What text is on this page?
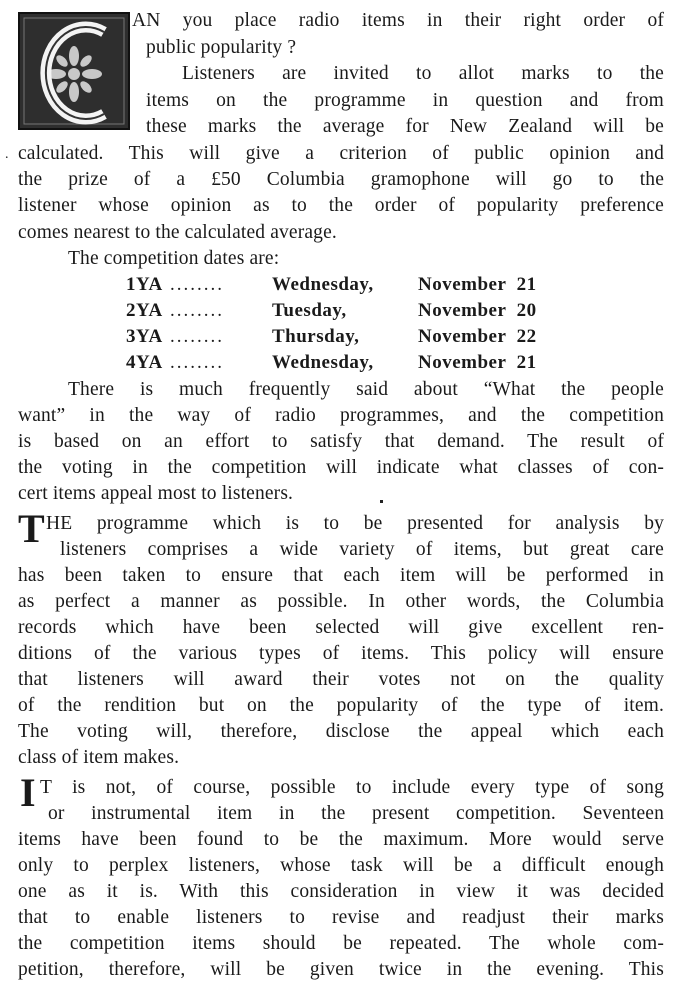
AN you place radio items in their right order of
public popularity ?
Listeners are invited to allot marks to the
items on the programme in question and from
these marks the average for New Zealand will be
. calculated. This will give a criterion of public opinion and
the prize of a £50 Columbia gramophone will go to the
listener whose opinion as to the order of popularity preference
comes nearest to the calculated average.
The competition dates are:
1YA ........	Wednesday, November  21
2YA ........	Tuesday,	November  20
3YA ........	Thursday,	November  22
4YA ........	Wednesday, November  21
There is much frequently said about “What the people
want” in the way of radio programmes, and the competition
is based on an effort to satisfy that demand. The result of
the voting in the competition will indicate what classes of con-
cert items appeal most to listeners.
T HE programme which is to be presented for analysis by
listeners comprises a wide variety of items, but great care
has been taken to ensure that each item will be performed in
as perfect a manner as possible. In other words, the Columbia
records which have been selected will give excellent ren-
ditions of the various types of items. This policy will ensure
that listeners will award their votes not on the quality
of the rendition but on the popularity of the type of item.
The voting will, therefore, disclose the appeal which each
class of item makes.
I T is not, of course, possible to include every type of song
or instrumental item in the present competition. Seventeen
items have been found to be the maximum. More would serve
only to perplex listeners, whose task will be a difficult enough
one as it is. With this consideration in view it was decided
that to enable listeners to revise and readjust their marks
the competition items should be repeated. The whole com-
petition, therefore, will be given twice in the evening. This
